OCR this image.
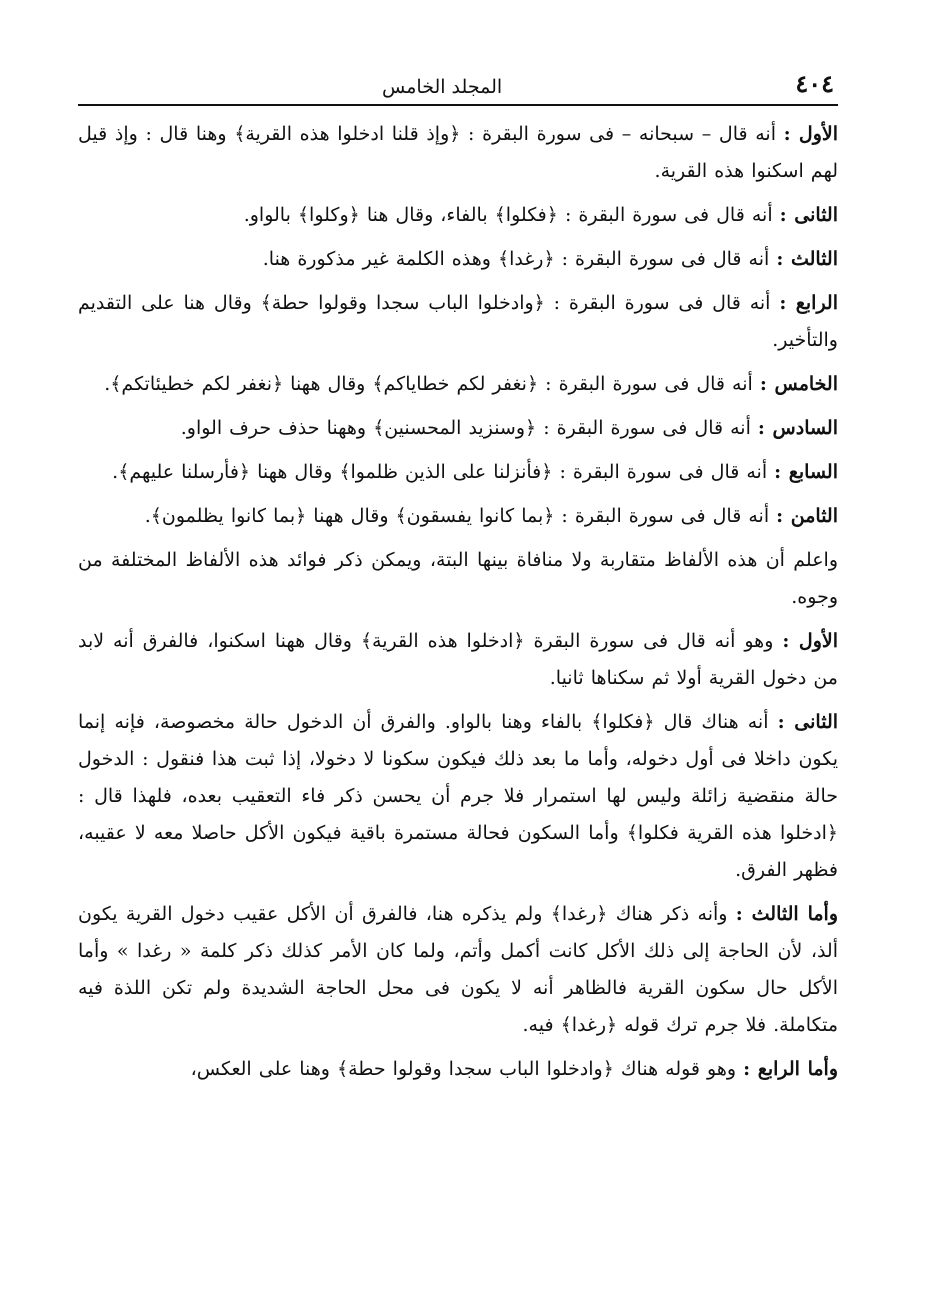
٤٠٤
المجلد الخامس

الأول : أنه قال – سبحانه – فى سورة البقرة : ﴿وإذ قلنا ادخلوا هذه القرية﴾ وهنا قال : وإذ قيل لهم اسكنوا هذه القرية.

الثانى : أنه قال فى سورة البقرة : ﴿فكلوا﴾ بالفاء، وقال هنا ﴿وكلوا﴾ بالواو.

الثالث : أنه قال فى سورة البقرة : ﴿رغدا﴾ وهذه الكلمة غير مذكورة هنا.

الرابع : أنه قال فى سورة البقرة : ﴿وادخلوا الباب سجدا وقولوا حطة﴾ وقال هنا على التقديم والتأخير.

الخامس : أنه قال فى سورة البقرة : ﴿نغفر لكم خطاياكم﴾ وقال ههنا ﴿نغفر لكم خطيئاتكم﴾.

السادس : أنه قال فى سورة البقرة : ﴿وسنزيد المحسنين﴾ وههنا حذف حرف الواو.

السابع : أنه قال فى سورة البقرة : ﴿فأنزلنا على الذين ظلموا﴾ وقال ههنا ﴿فأرسلنا عليهم﴾.

الثامن : أنه قال فى سورة البقرة : ﴿بما كانوا يفسقون﴾ وقال ههنا ﴿بما كانوا يظلمون﴾.

واعلم أن هذه الألفاظ متقاربة ولا منافاة بينها البتة، ويمكن ذكر فوائد هذه الألفاظ المختلفة من وجوه.

الأول : وهو أنه قال فى سورة البقرة ﴿ادخلوا هذه القرية﴾ وقال ههنا اسكنوا، فالفرق أنه لابد من دخول القرية أولا ثم سكناها ثانيا.

الثانى : أنه هناك قال ﴿فكلوا﴾ بالفاء وهنا بالواو. والفرق أن الدخول حالة مخصوصة، فإنه إنما يكون داخلا فى أول دخوله، وأما ما بعد ذلك فيكون سكونا لا دخولا، إذا ثبت هذا فنقول : الدخول حالة منقضية زائلة وليس لها استمرار فلا جرم أن يحسن ذكر فاء التعقيب بعده، فلهذا قال : ﴿ادخلوا هذه القرية فكلوا﴾ وأما السكون فحالة مستمرة باقية فيكون الأكل حاصلا معه لا عقيبه، فظهر الفرق.

وأما الثالث : وأنه ذكر هناك ﴿رغدا﴾ ولم يذكره هنا، فالفرق أن الأكل عقيب دخول القرية يكون ألذ، لأن الحاجة إلى ذلك الأكل كانت أكمل وأتم، ولما كان الأمر كذلك ذكر كلمة « رغدا » وأما الأكل حال سكون القرية فالظاهر أنه لا يكون فى محل الحاجة الشديدة ولم تكن اللذة فيه متكاملة. فلا جرم ترك قوله ﴿رغدا﴾ فيه.

وأما الرابع : وهو قوله هناك ﴿وادخلوا الباب سجدا وقولوا حطة﴾ وهنا على العكس،
